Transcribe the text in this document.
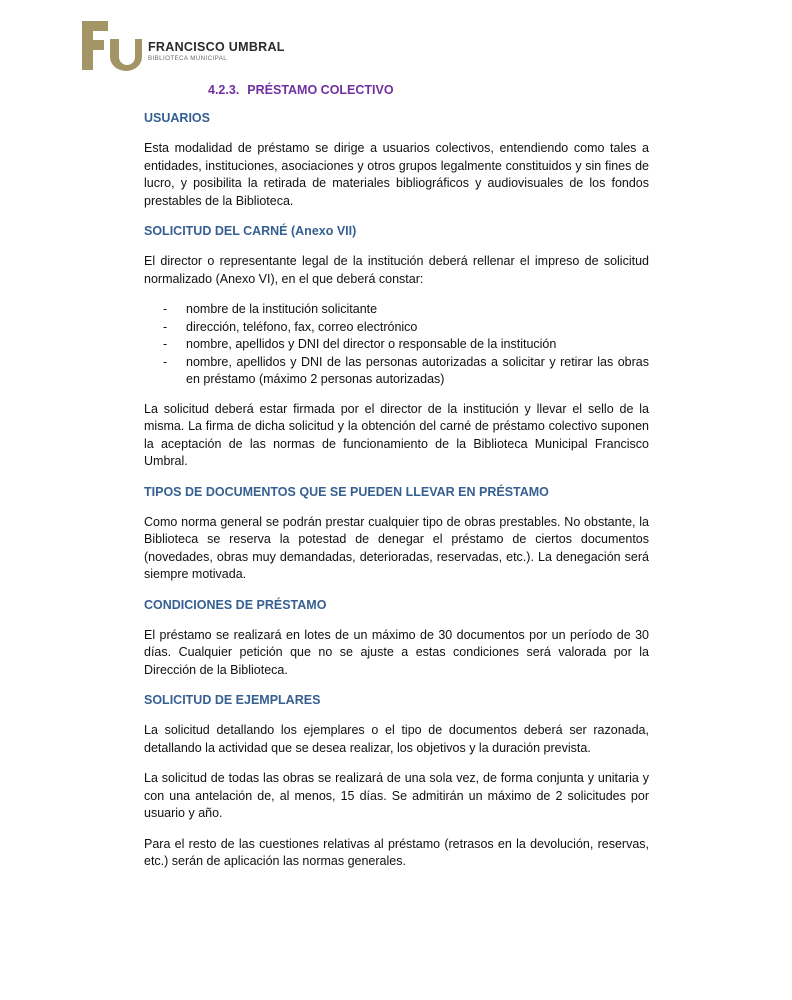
FRANCISCO UMBRAL
BIBLIOTECA MUNICIPAL
4.2.3. PRÉSTAMO COLECTIVO
USUARIOS

Esta modalidad de préstamo se dirige a usuarios colectivos, entendiendo como tales a entidades, instituciones, asociaciones y otros grupos legalmente constituidos y sin fines de lucro, y posibilita la retirada de materiales bibliográficos y audiovisuales de los fondos prestables de la Biblioteca.

SOLICITUD DEL CARNÉ (Anexo VII)

El director o representante legal de la institución deberá rellenar el impreso de solicitud normalizado (Anexo VI), en el que deberá constar:

- nombre de la institución solicitante
- dirección, teléfono, fax, correo electrónico
- nombre, apellidos y DNI del director o responsable de la institución
- nombre, apellidos y DNI de las personas autorizadas a solicitar y retirar las obras en préstamo (máximo 2 personas autorizadas)

La solicitud deberá estar firmada por el director de la institución y llevar el sello de la misma. La firma de dicha solicitud y la obtención del carné de préstamo colectivo suponen la aceptación de las normas de funcionamiento de la Biblioteca Municipal Francisco Umbral.

TIPOS DE DOCUMENTOS QUE SE PUEDEN LLEVAR EN PRÉSTAMO

Como norma general se podrán prestar cualquier tipo de obras prestables. No obstante, la Biblioteca se reserva la potestad de denegar el préstamo de ciertos documentos (novedades, obras muy demandadas, deterioradas, reservadas, etc.). La denegación será siempre motivada.

CONDICIONES DE PRÉSTAMO

El préstamo se realizará en lotes de un máximo de 30 documentos por un período de 30 días. Cualquier petición que no se ajuste a estas condiciones será valorada por la Dirección de la Biblioteca.

SOLICITUD DE EJEMPLARES

La solicitud detallando los ejemplares o el tipo de documentos deberá ser razonada, detallando la actividad que se desea realizar, los objetivos y la duración prevista.

La solicitud de todas las obras se realizará de una sola vez, de forma conjunta y unitaria y con una antelación de, al menos, 15 días. Se admitirán un máximo de 2 solicitudes por usuario y año.

Para el resto de las cuestiones relativas al préstamo (retrasos en la devolución, reservas, etc.) serán de aplicación las normas generales.
